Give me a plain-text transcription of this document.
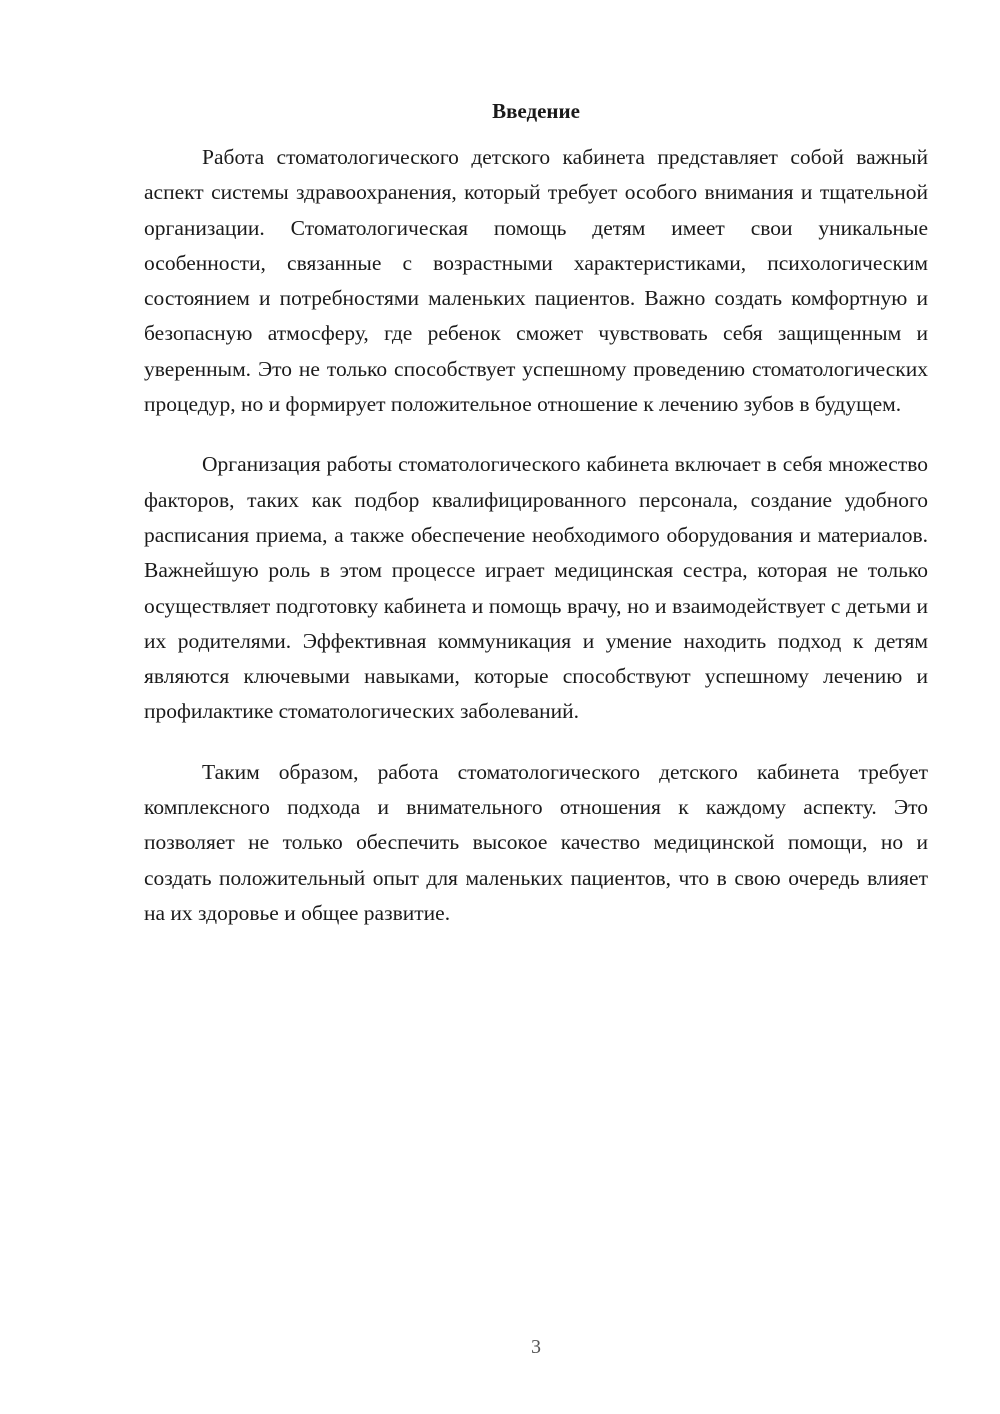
Введение

Работа стоматологического детского кабинета представляет собой важный аспект системы здравоохранения, который требует особого внимания и тщательной организации. Стоматологическая помощь детям имеет свои уникальные особенности, связанные с возрастными характеристиками, психологическим состоянием и потребностями маленьких пациентов. Важно создать комфортную и безопасную атмосферу, где ребенок сможет чувствовать себя защищенным и уверенным. Это не только способствует успешному проведению стоматологических процедур, но и формирует положительное отношение к лечению зубов в будущем.

Организация работы стоматологического кабинета включает в себя множество факторов, таких как подбор квалифицированного персонала, создание удобного расписания приема, а также обеспечение необходимого оборудования и материалов. Важнейшую роль в этом процессе играет медицинская сестра, которая не только осуществляет подготовку кабинета и помощь врачу, но и взаимодействует с детьми и их родителями. Эффективная коммуникация и умение находить подход к детям являются ключевыми навыками, которые способствуют успешному лечению и профилактике стоматологических заболеваний.

Таким образом, работа стоматологического детского кабинета требует комплексного подхода и внимательного отношения к каждому аспекту. Это позволяет не только обеспечить высокое качество медицинской помощи, но и создать положительный опыт для маленьких пациентов, что в свою очередь влияет на их здоровье и общее развитие.

3
